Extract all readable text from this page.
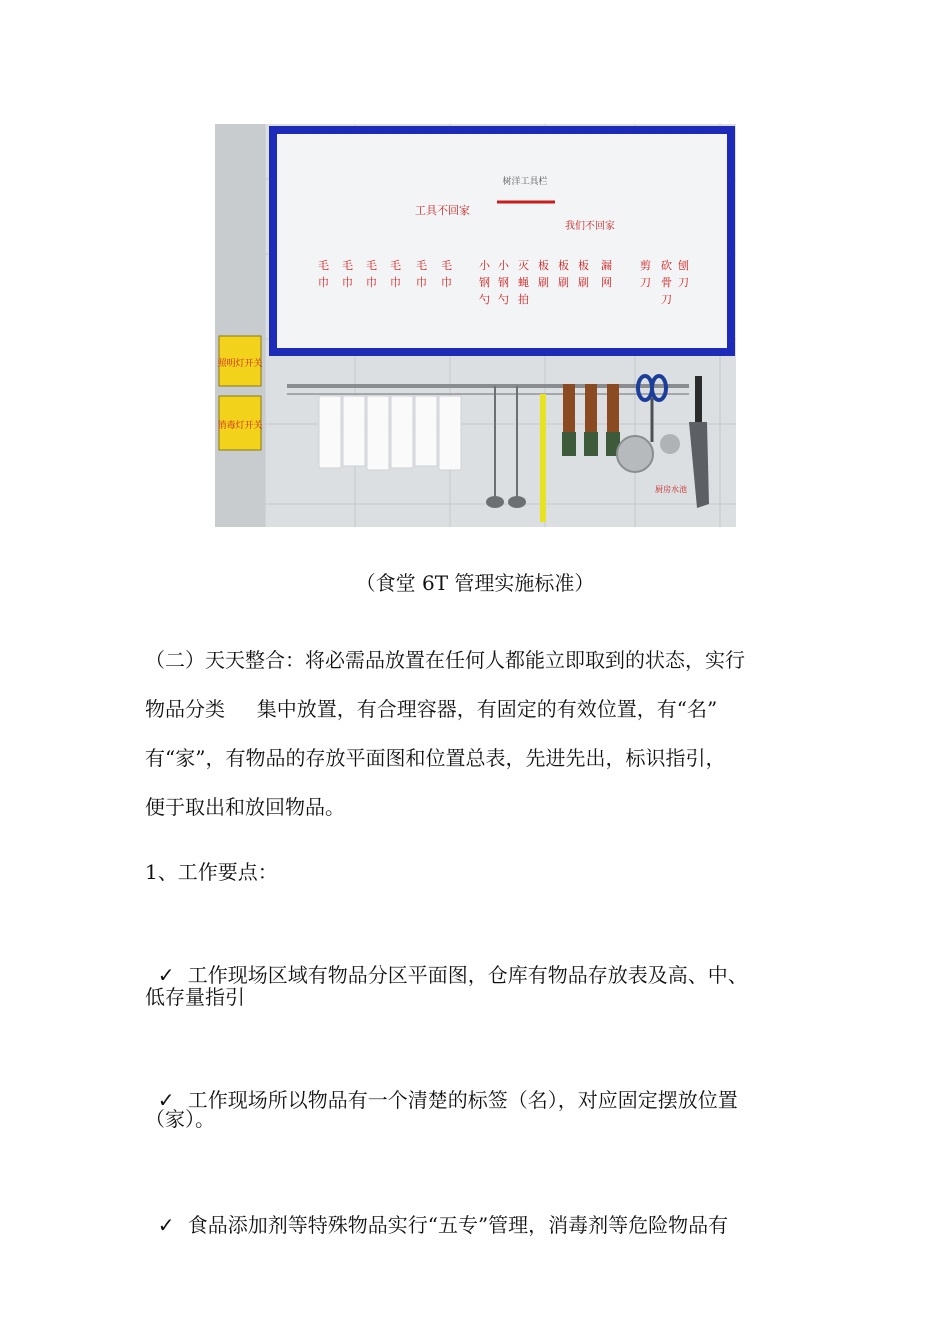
树洋工具栏
工具不回家
我们不回家
毛巾
毛巾
毛巾
毛巾
毛巾
毛巾
小钢勺
小钢勺
灭蝇拍
板刷
板刷
板刷
漏网
剪刀
砍骨刀
刨刀
照明灯开关
消毒灯开关
厨房水池
（食堂 6T 管理实施标准）
（二）天天整合：将必需品放置在任何人都能立即取到的状态，实行
物品分类     集中放置，有合理容器，有固定的有效位置，有“名”
有“家”，有物品的存放平面图和位置总表，先进先出，标识指引，
便于取出和放回物品。
1、工作要点：

✓ 工作现场区域有物品分区平面图，仓库有物品存放表及高、中、

低存量指引

✓ 工作现场所以物品有一个清楚的标签（名），对应固定摆放位置

（家）。

✓ 食品添加剂等特殊物品实行“五专”管理，消毒剂等危险物品有
